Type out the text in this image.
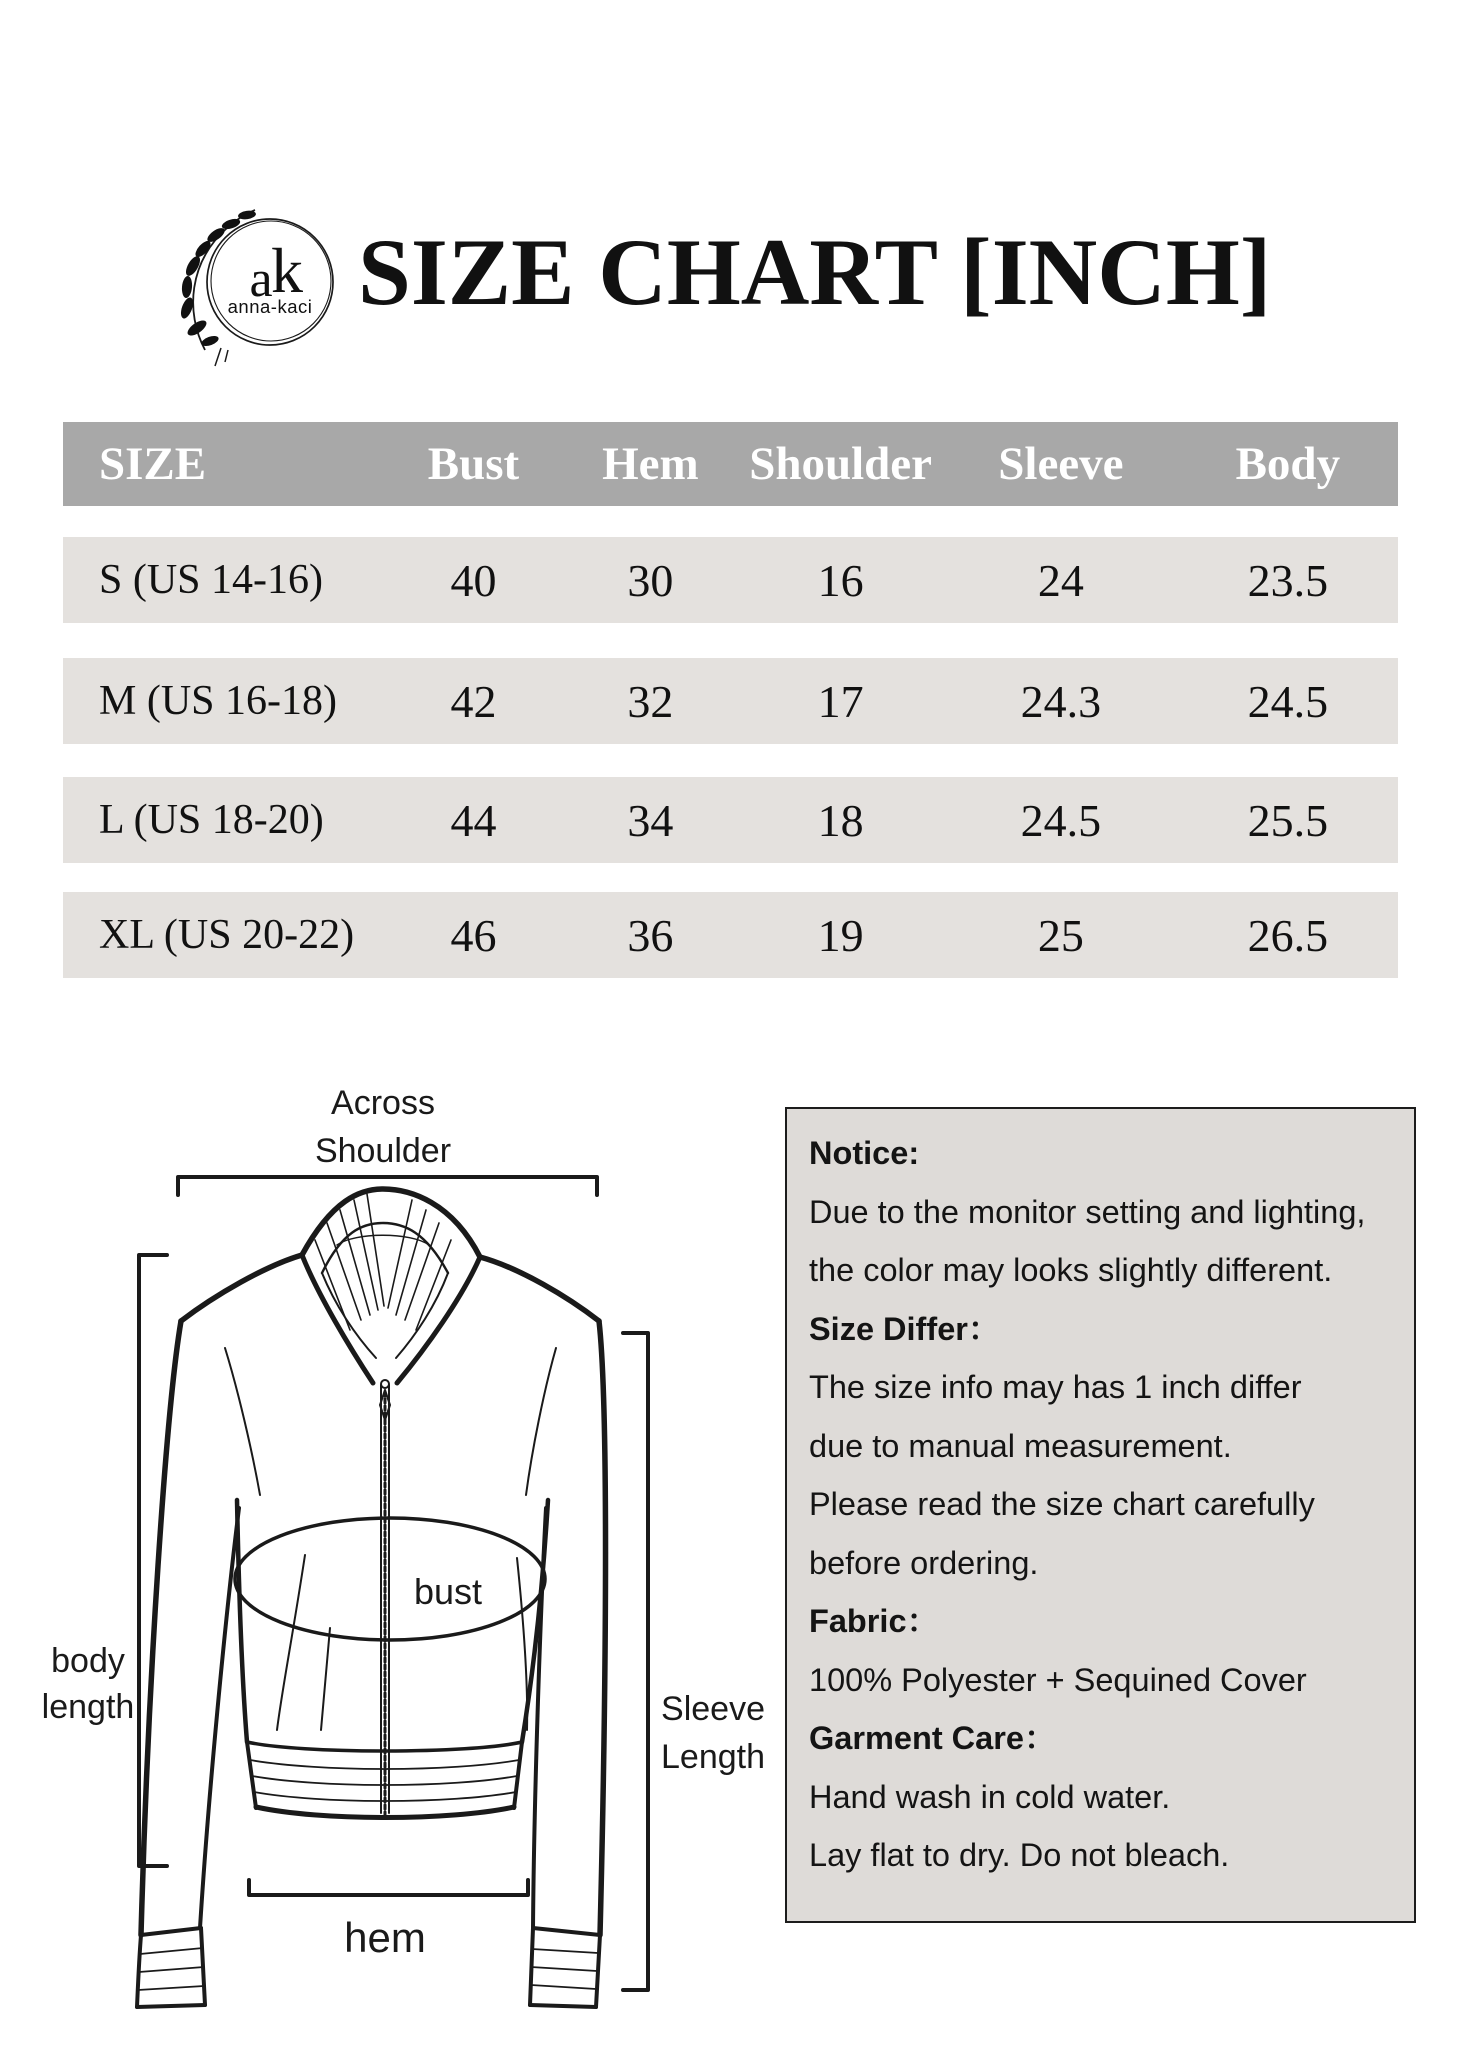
a
k
anna-kaci SIZE CHART [INCH]
SIZE	Bust	Hem	Shoulder	Sleeve	Body
S (US 14-16)	40	30	16	24	23.5
M (US 16-18)	42	32	17	24.3	24.5
L (US 18-20)	44	34	18	24.5	25.5
XL (US 20-22)	46	36	19	25	26.5
Across
Shoulder
body
length
bust
Sleeve
Length
hem
Notice:
Due to the monitor setting and lighting,
the color may looks slightly different.
Size Differ：
The size info may has 1 inch differ
due to manual measurement.
Please read the size chart carefully
before ordering.
Fabric：
100% Polyester + Sequined Cover
Garment Care：
Hand wash in cold water.
Lay flat to dry. Do not bleach.
